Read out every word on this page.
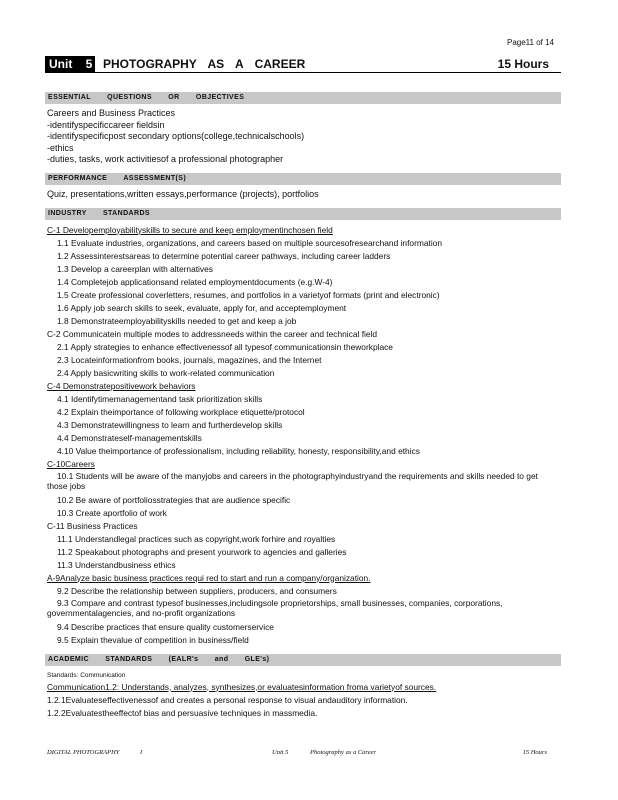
Page11 of 14
Unit 5 PHOTOGRAPHY AS A CAREER	15 Hours
ESSENTIAL QUESTIONS OR OBJECTIVES
Careers and Business Practices
-identifyspecificcareer fieldsin
-identifyspecificpost secondary options(college,technicalschools)
-ethics
-duties, tasks, work activitiesof a professional photographer
PERFORMANCE ASSESSMENT(S)
Quiz, presentations,written essays,performance (projects), portfolios
INDUSTRY STANDARDS
C-1 Developemployabilityskills to secure and keep employmentinchosen field
1.1 Evaluate industries, organizations, and careers based on multiple sourcesofresearchand information
1.2 Assessinterestsareas to determine potential career pathways, including career ladders
1.3 Develop a careerplan with alternatives
1.4 Completejob applicationsand related employmentdocuments (e.g.W-4)
1.5 Create professional coverletters, resumes, and portfolios in a varietyof formats (print and electronic)
1.6 Apply job search skills to seek, evaluate, apply for, and acceptemployment
1.8 Demonstrateemployabilityskills needed to get and keep a job
C-2 Communicatein multiple modes to addressneeds within the career and technical field
2.1 Apply strategies to enhance effectivenessof all typesof communicationsin theworkplace
2.3 Locateinformationfrom books, journals, magazines, and the Internet
2.4 Apply basicwriting skills to work-related communication
C-4 Demonstratepositivework behaviors
4.1 Identifytimemanagementand task prioritization skills
4.2 Explain theimportance of following workplace etiquette/protocol
4.3 Demonstratewillingness to learn and furtherdevelop skills
4.4 Demonstrateself-managementskills
4.10 Value theimportance of professionalism, including reliability, honesty, responsibility,and ethics
C-10Careers
10.1 Students will be aware of the manyjobs and careers in the photographyindustryand the requirements and skills needed to get those jobs
10.2 Be aware of portfoliosstrategies that are audience specific
10.3 Create aportfolio of work
C-11 Business Practices
11.1 Understandlegal practices such as copyright,work forhire and royalties
11.2 Speakabout photographs and present yourwork to agencies and galleries
11.3 Understandbusiness ethics
A-9Analyze basic business practices requi red to start and run a company/organization.
9.2 Describe the relationship between suppliers, producers, and consumers
9.3 Compare and contrast typesof businesses,includingsole proprietorships, small businesses, companies, corporations, governmentalagencies, and no-profit organizations
9.4 Describe practices that ensure quality customerservice
9.5 Explain thevalue of competition in business/field
ACADEMIC STANDARDS (EALR's and GLE's)
Standards: Communication
Communication1.2: Understands, analyzes, synthesizes,or evaluatesinformation froma varietyof sources.
1.2.1Evaluateseffectivenessof and creates a personal response to visual andauditory information.
1.2.2Evaluatestheeffectof bias and persuasive techniques in massmedia.
DIGITAL PHOTOGRAPHY	I	Unit 5	Photography as a Career	15 Hours
